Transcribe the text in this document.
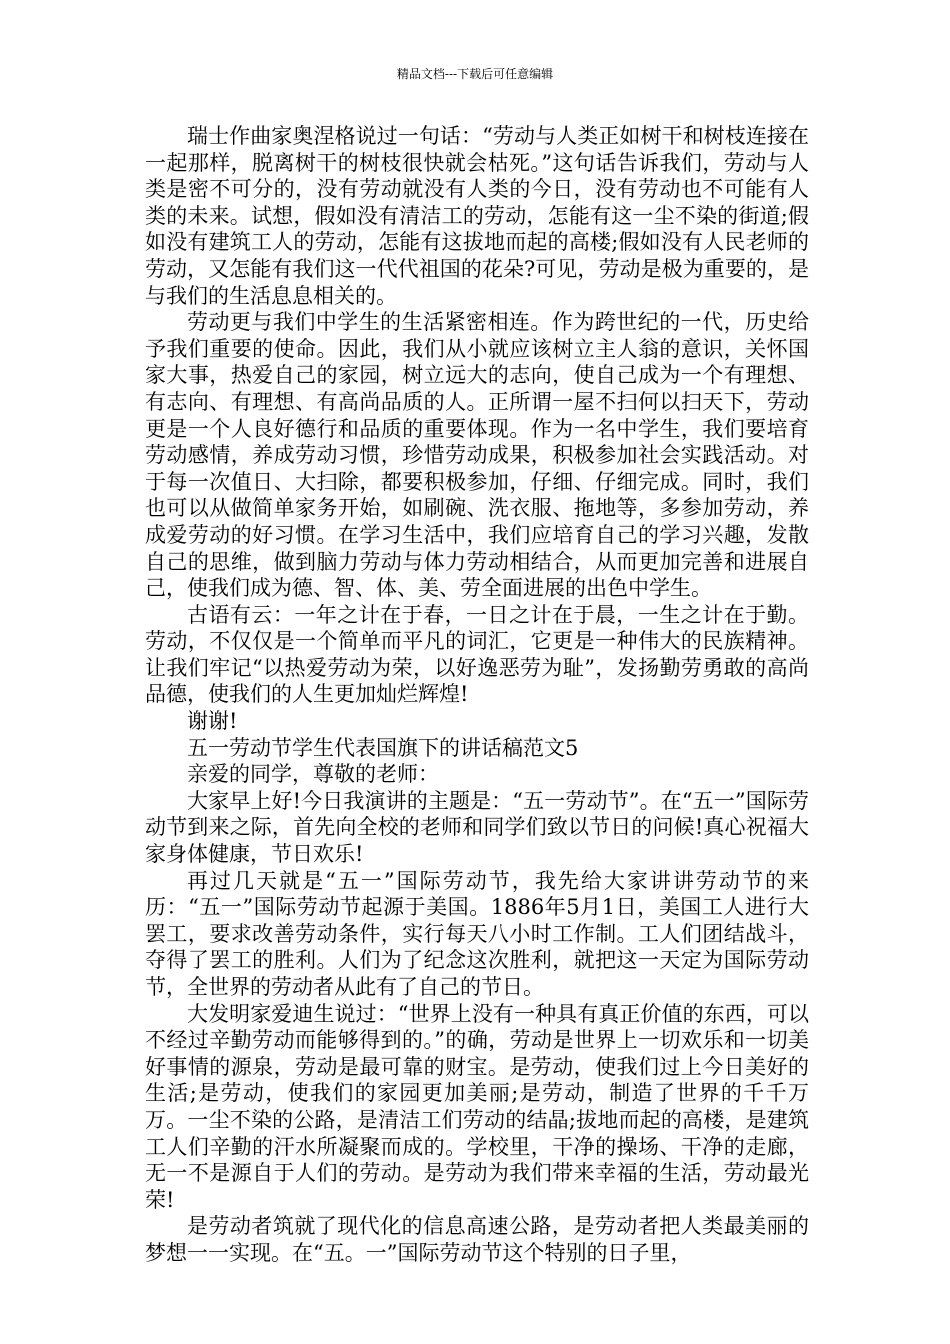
精品文档---下载后可任意编辑

瑞士作曲家奥涅格说过一句话：“劳动与人类正如树干和树枝连接在一起那样，脱离树干的树枝很快就会枯死。”这句话告诉我们，劳动与人类是密不可分的，没有劳动就没有人类的今日，没有劳动也不可能有人类的未来。试想，假如没有清洁工的劳动，怎能有这一尘不染的街道;假如没有建筑工人的劳动，怎能有这拔地而起的高楼;假如没有人民老师的劳动，又怎能有我们这一代代祖国的花朵?可见，劳动是极为重要的，是与我们的生活息息相关的。

劳动更与我们中学生的生活紧密相连。作为跨世纪的一代，历史给予我们重要的使命。因此，我们从小就应该树立主人翁的意识，关怀国家大事，热爱自己的家园，树立远大的志向，使自己成为一个有理想、有志向、有理想、有高尚品质的人。正所谓一屋不扫何以扫天下，劳动更是一个人良好德行和品质的重要体现。作为一名中学生，我们要培育劳动感情，养成劳动习惯，珍惜劳动成果，积极参加社会实践活动。对于每一次值日、大扫除，都要积极参加，仔细、仔细完成。同时，我们也可以从做简单家务开始，如刷碗、洗衣服、拖地等，多参加劳动，养成爱劳动的好习惯。在学习生活中，我们应培育自己的学习兴趣，发散自己的思维，做到脑力劳动与体力劳动相结合，从而更加完善和进展自己，使我们成为德、智、体、美、劳全面进展的出色中学生。

古语有云：一年之计在于春，一日之计在于晨，一生之计在于勤。劳动，不仅仅是一个简单而平凡的词汇，它更是一种伟大的民族精神。让我们牢记“以热爱劳动为荣，以好逸恶劳为耻”，发扬勤劳勇敢的高尚品德，使我们的人生更加灿烂辉煌!

谢谢!

五一劳动节学生代表国旗下的讲话稿范文5

亲爱的同学，尊敬的老师：

大家早上好!今日我演讲的主题是：“五一劳动节”。在“五一”国际劳动节到来之际，首先向全校的老师和同学们致以节日的问候!真心祝福大家身体健康，节日欢乐!

再过几天就是“五一”国际劳动节，我先给大家讲讲劳动节的来历：“五一”国际劳动节起源于美国。1886年5月1日，美国工人进行大罢工，要求改善劳动条件，实行每天八小时工作制。工人们团结战斗，夺得了罢工的胜利。人们为了纪念这次胜利，就把这一天定为国际劳动节，全世界的劳动者从此有了自己的节日。

大发明家爱迪生说过：“世界上没有一种具有真正价值的东西，可以不经过辛勤劳动而能够得到的。”的确，劳动是世界上一切欢乐和一切美好事情的源泉，劳动是最可靠的财宝。是劳动，使我们过上今日美好的生活;是劳动，使我们的家园更加美丽;是劳动，制造了世界的千千万万。一尘不染的公路，是清洁工们劳动的结晶;拔地而起的高楼，是建筑工人们辛勤的汗水所凝聚而成的。学校里，干净的操场、干净的走廊，无一不是源自于人们的劳动。是劳动为我们带来幸福的生活，劳动最光荣!

是劳动者筑就了现代化的信息高速公路，是劳动者把人类最美丽的梦想一一实现。在“五。一”国际劳动节这个特别的日子里，
